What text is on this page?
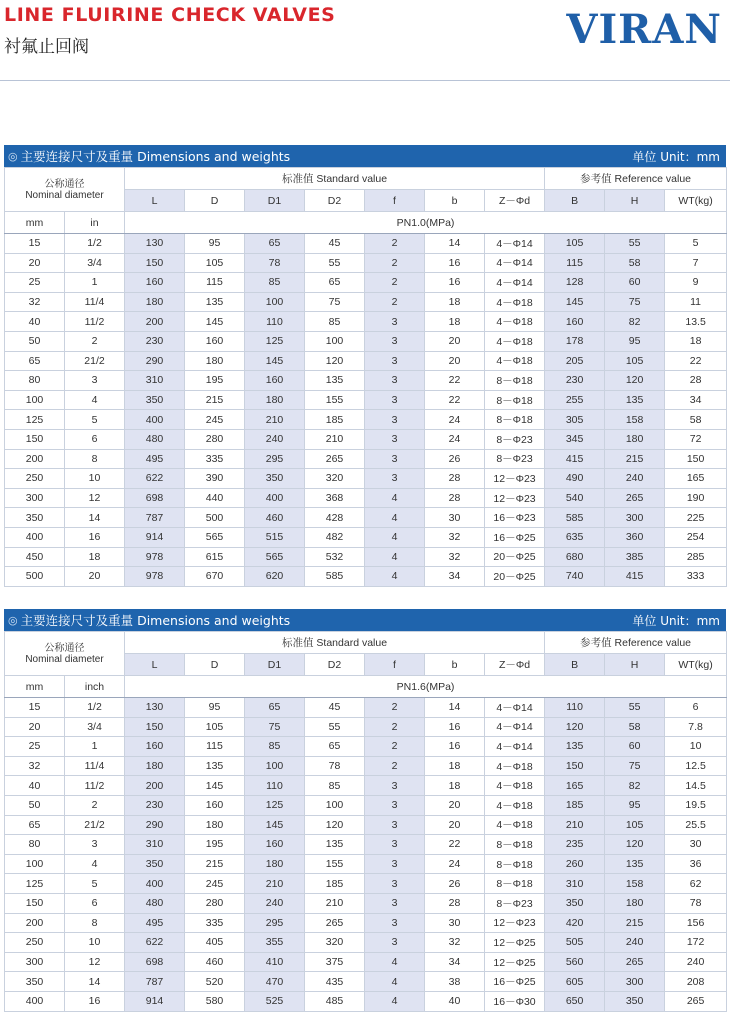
LINE FLUIRINE CHECK VALVES
衬氟止回阀	VIRAN
◎ 主要连接尺寸及重量 Dimensions and weights	单位 Unit：mm
公称通径
Nominal diameter		标准值 Standard value							参考值 Reference value		
		L	D	D1	D2	f	b	Z－Φd	B	H	WT(kg)
mm	in	PN1.0(MPa)									
15	1/2	130	95	65	45	2	14	4－Φ14	105	55	5
20	3/4	150	105	78	55	2	16	4－Φ14	115	58	7
25	1	160	115	85	65	2	16	4－Φ14	128	60	9
32	11/4	180	135	100	75	2	18	4－Φ18	145	75	11
40	11/2	200	145	110	85	3	18	4－Φ18	160	82	13.5
50	2	230	160	125	100	3	20	4－Φ18	178	95	18
65	21/2	290	180	145	120	3	20	4－Φ18	205	105	22
80	3	310	195	160	135	3	22	8－Φ18	230	120	28
100	4	350	215	180	155	3	22	8－Φ18	255	135	34
125	5	400	245	210	185	3	24	8－Φ18	305	158	58
150	6	480	280	240	210	3	24	8－Φ23	345	180	72
200	8	495	335	295	265	3	26	8－Φ23	415	215	150
250	10	622	390	350	320	3	28	12－Φ23	490	240	165
300	12	698	440	400	368	4	28	12－Φ23	540	265	190
350	14	787	500	460	428	4	30	16－Φ23	585	300	225
400	16	914	565	515	482	4	32	16－Φ25	635	360	254
450	18	978	615	565	532	4	32	20－Φ25	680	385	285
500	20	978	670	620	585	4	34	20－Φ25	740	415	333
◎ 主要连接尺寸及重量 Dimensions and weights	单位 Unit：mm
公称通径
Nominal diameter		标准值 Standard value							参考值 Reference value		
		L	D	D1	D2	f	b	Z－Φd	B	H	WT(kg)
mm	inch	PN1.6(MPa)									
15	1/2	130	95	65	45	2	14	4－Φ14	110	55	6
20	3/4	150	105	75	55	2	16	4－Φ14	120	58	7.8
25	1	160	115	85	65	2	16	4－Φ14	135	60	10
32	11/4	180	135	100	78	2	18	4－Φ18	150	75	12.5
40	11/2	200	145	110	85	3	18	4－Φ18	165	82	14.5
50	2	230	160	125	100	3	20	4－Φ18	185	95	19.5
65	21/2	290	180	145	120	3	20	4－Φ18	210	105	25.5
80	3	310	195	160	135	3	22	8－Φ18	235	120	30
100	4	350	215	180	155	3	24	8－Φ18	260	135	36
125	5	400	245	210	185	3	26	8－Φ18	310	158	62
150	6	480	280	240	210	3	28	8－Φ23	350	180	78
200	8	495	335	295	265	3	30	12－Φ23	420	215	156
250	10	622	405	355	320	3	32	12－Φ25	505	240	172
300	12	698	460	410	375	4	34	12－Φ25	560	265	240
350	14	787	520	470	435	4	38	16－Φ25	605	300	208
400	16	914	580	525	485	4	40	16－Φ30	650	350	265
